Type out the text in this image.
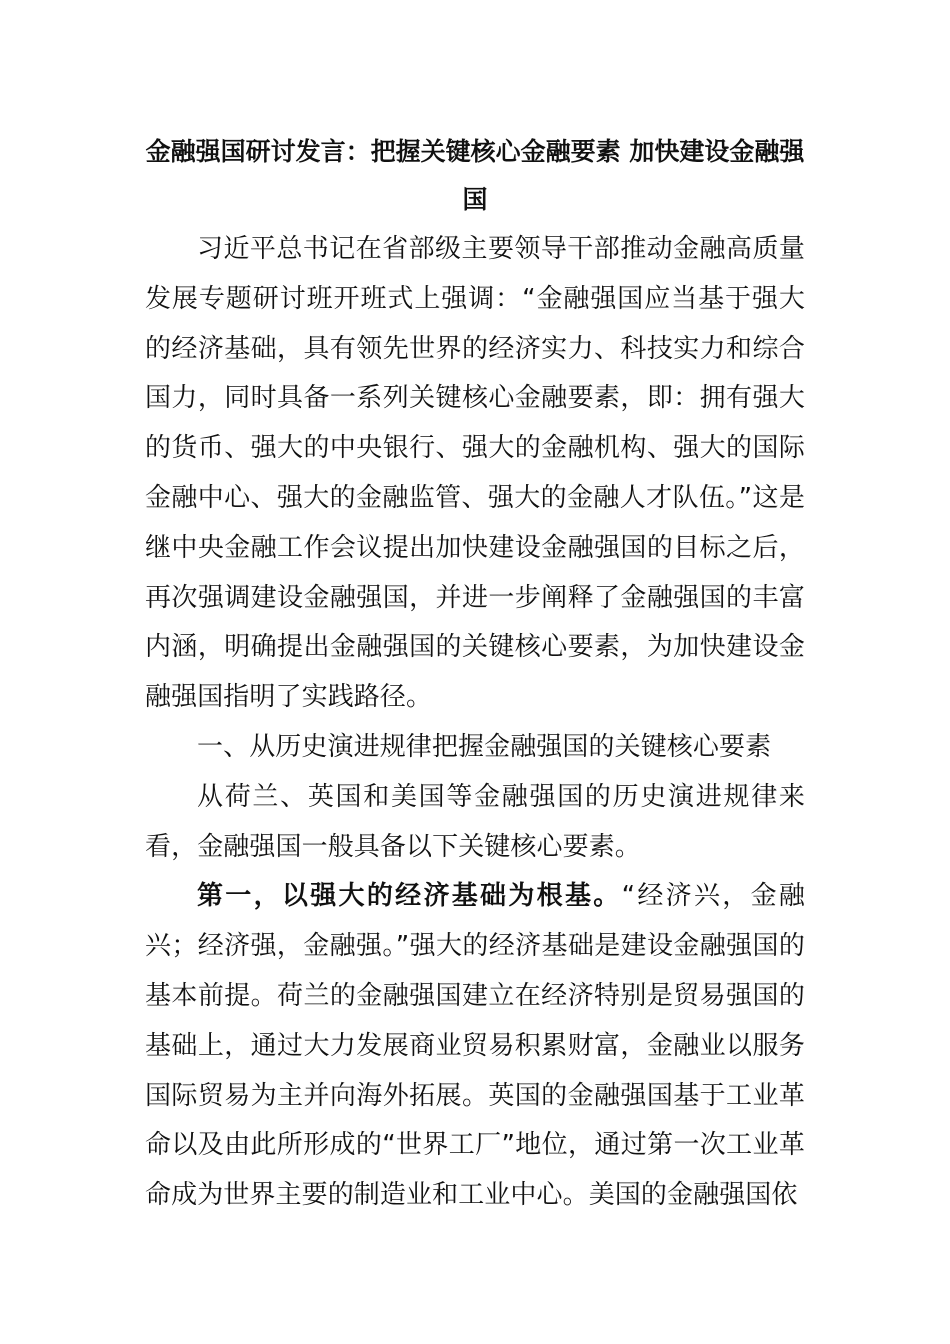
金融强国研讨发言：把握关键核心金融要素 加快建设金融强国

习近平总书记在省部级主要领导干部推动金融高质量发展专题研讨班开班式上强调：“金融强国应当基于强大的经济基础，具有领先世界的经济实力、科技实力和综合国力，同时具备一系列关键核心金融要素，即：拥有强大的货币、强大的中央银行、强大的金融机构、强大的国际金融中心、强大的金融监管、强大的金融人才队伍。”这是继中央金融工作会议提出加快建设金融强国的目标之后，再次强调建设金融强国，并进一步阐释了金融强国的丰富内涵，明确提出金融强国的关键核心要素，为加快建设金融强国指明了实践路径。

一、从历史演进规律把握金融强国的关键核心要素

从荷兰、英国和美国等金融强国的历史演进规律来看，金融强国一般具备以下关键核心要素。

第一，以强大的经济基础为根基。“经济兴，金融兴；经济强，金融强。”强大的经济基础是建设金融强国的基本前提。荷兰的金融强国建立在经济特别是贸易强国的基础上，通过大力发展商业贸易积累财富，金融业以服务国际贸易为主并向海外拓展。英国的金融强国基于工业革命以及由此所形成的“世界工厂”地位，通过第一次工业革命成为世界主要的制造业和工业中心。美国的金融强国依
